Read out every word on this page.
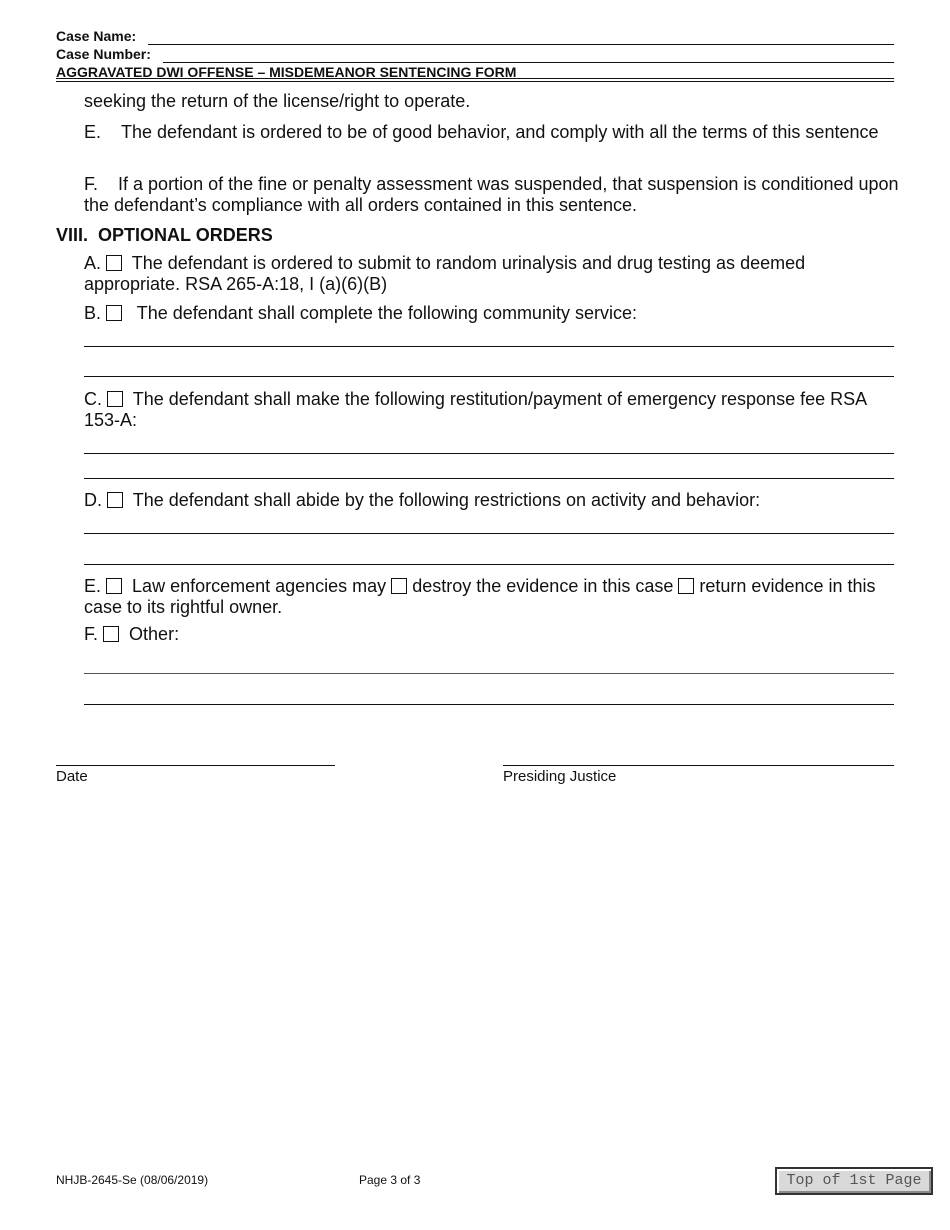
Case Name:
Case Number:
AGGRAVATED DWI OFFENSE – MISDEMEANOR SENTENCING FORM
seeking the return of the license/right to operate.
E. The defendant is ordered to be of good behavior, and comply with all the terms of this sentence
F. If a portion of the fine or penalty assessment was suspended, that suspension is conditioned upon the defendant’s compliance with all orders contained in this sentence.
VIII. OPTIONAL ORDERS
A. The defendant is ordered to submit to random urinalysis and drug testing as deemed appropriate. RSA 265-A:18, I (a)(6)(B)
B. The defendant shall complete the following community service:
C. The defendant shall make the following restitution/payment of emergency response fee RSA 153-A:
D. The defendant shall abide by the following restrictions on activity and behavior:
E. Law enforcement agencies may destroy the evidence in this case return evidence in this case to its rightful owner.
F. Other:
Date	Presiding Justice
NHJB-2645-Se (08/06/2019)	Page 3 of 3	Top of 1st Page
